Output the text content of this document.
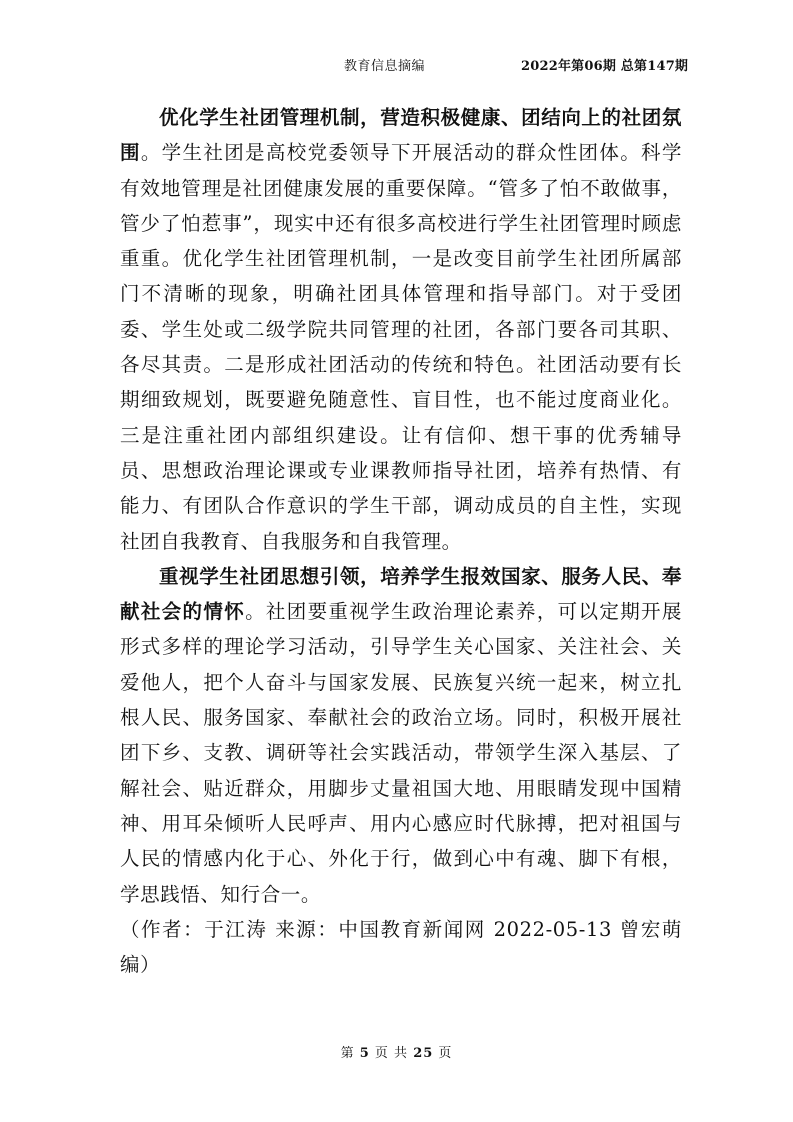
教育信息摘编	2022年第06期 总第147期

优化学生社团管理机制，营造积极健康、团结向上的社团氛围。学生社团是高校党委领导下开展活动的群众性团体。科学有效地管理是社团健康发展的重要保障。“管多了怕不敢做事，管少了怕惹事”，现实中还有很多高校进行学生社团管理时顾虑重重。优化学生社团管理机制，一是改变目前学生社团所属部门不清晰的现象，明确社团具体管理和指导部门。对于受团委、学生处或二级学院共同管理的社团，各部门要各司其职、各尽其责。二是形成社团活动的传统和特色。社团活动要有长期细致规划，既要避免随意性、盲目性，也不能过度商业化。三是注重社团内部组织建设。让有信仰、想干事的优秀辅导员、思想政治理论课或专业课教师指导社团，培养有热情、有能力、有团队合作意识的学生干部，调动成员的自主性，实现社团自我教育、自我服务和自我管理。

重视学生社团思想引领，培养学生报效国家、服务人民、奉献社会的情怀。社团要重视学生政治理论素养，可以定期开展形式多样的理论学习活动，引导学生关心国家、关注社会、关爱他人，把个人奋斗与国家发展、民族复兴统一起来，树立扎根人民、服务国家、奉献社会的政治立场。同时，积极开展社团下乡、支教、调研等社会实践活动，带领学生深入基层、了解社会、贴近群众，用脚步丈量祖国大地、用眼睛发现中国精神、用耳朵倾听人民呼声、用内心感应时代脉搏，把对祖国与人民的情感内化于心、外化于行，做到心中有魂、脚下有根，学思践悟、知行合一。

（作者：于江涛 来源：中国教育新闻网 2022-05-13 曾宏萌编）

第 5 页 共 25 页
